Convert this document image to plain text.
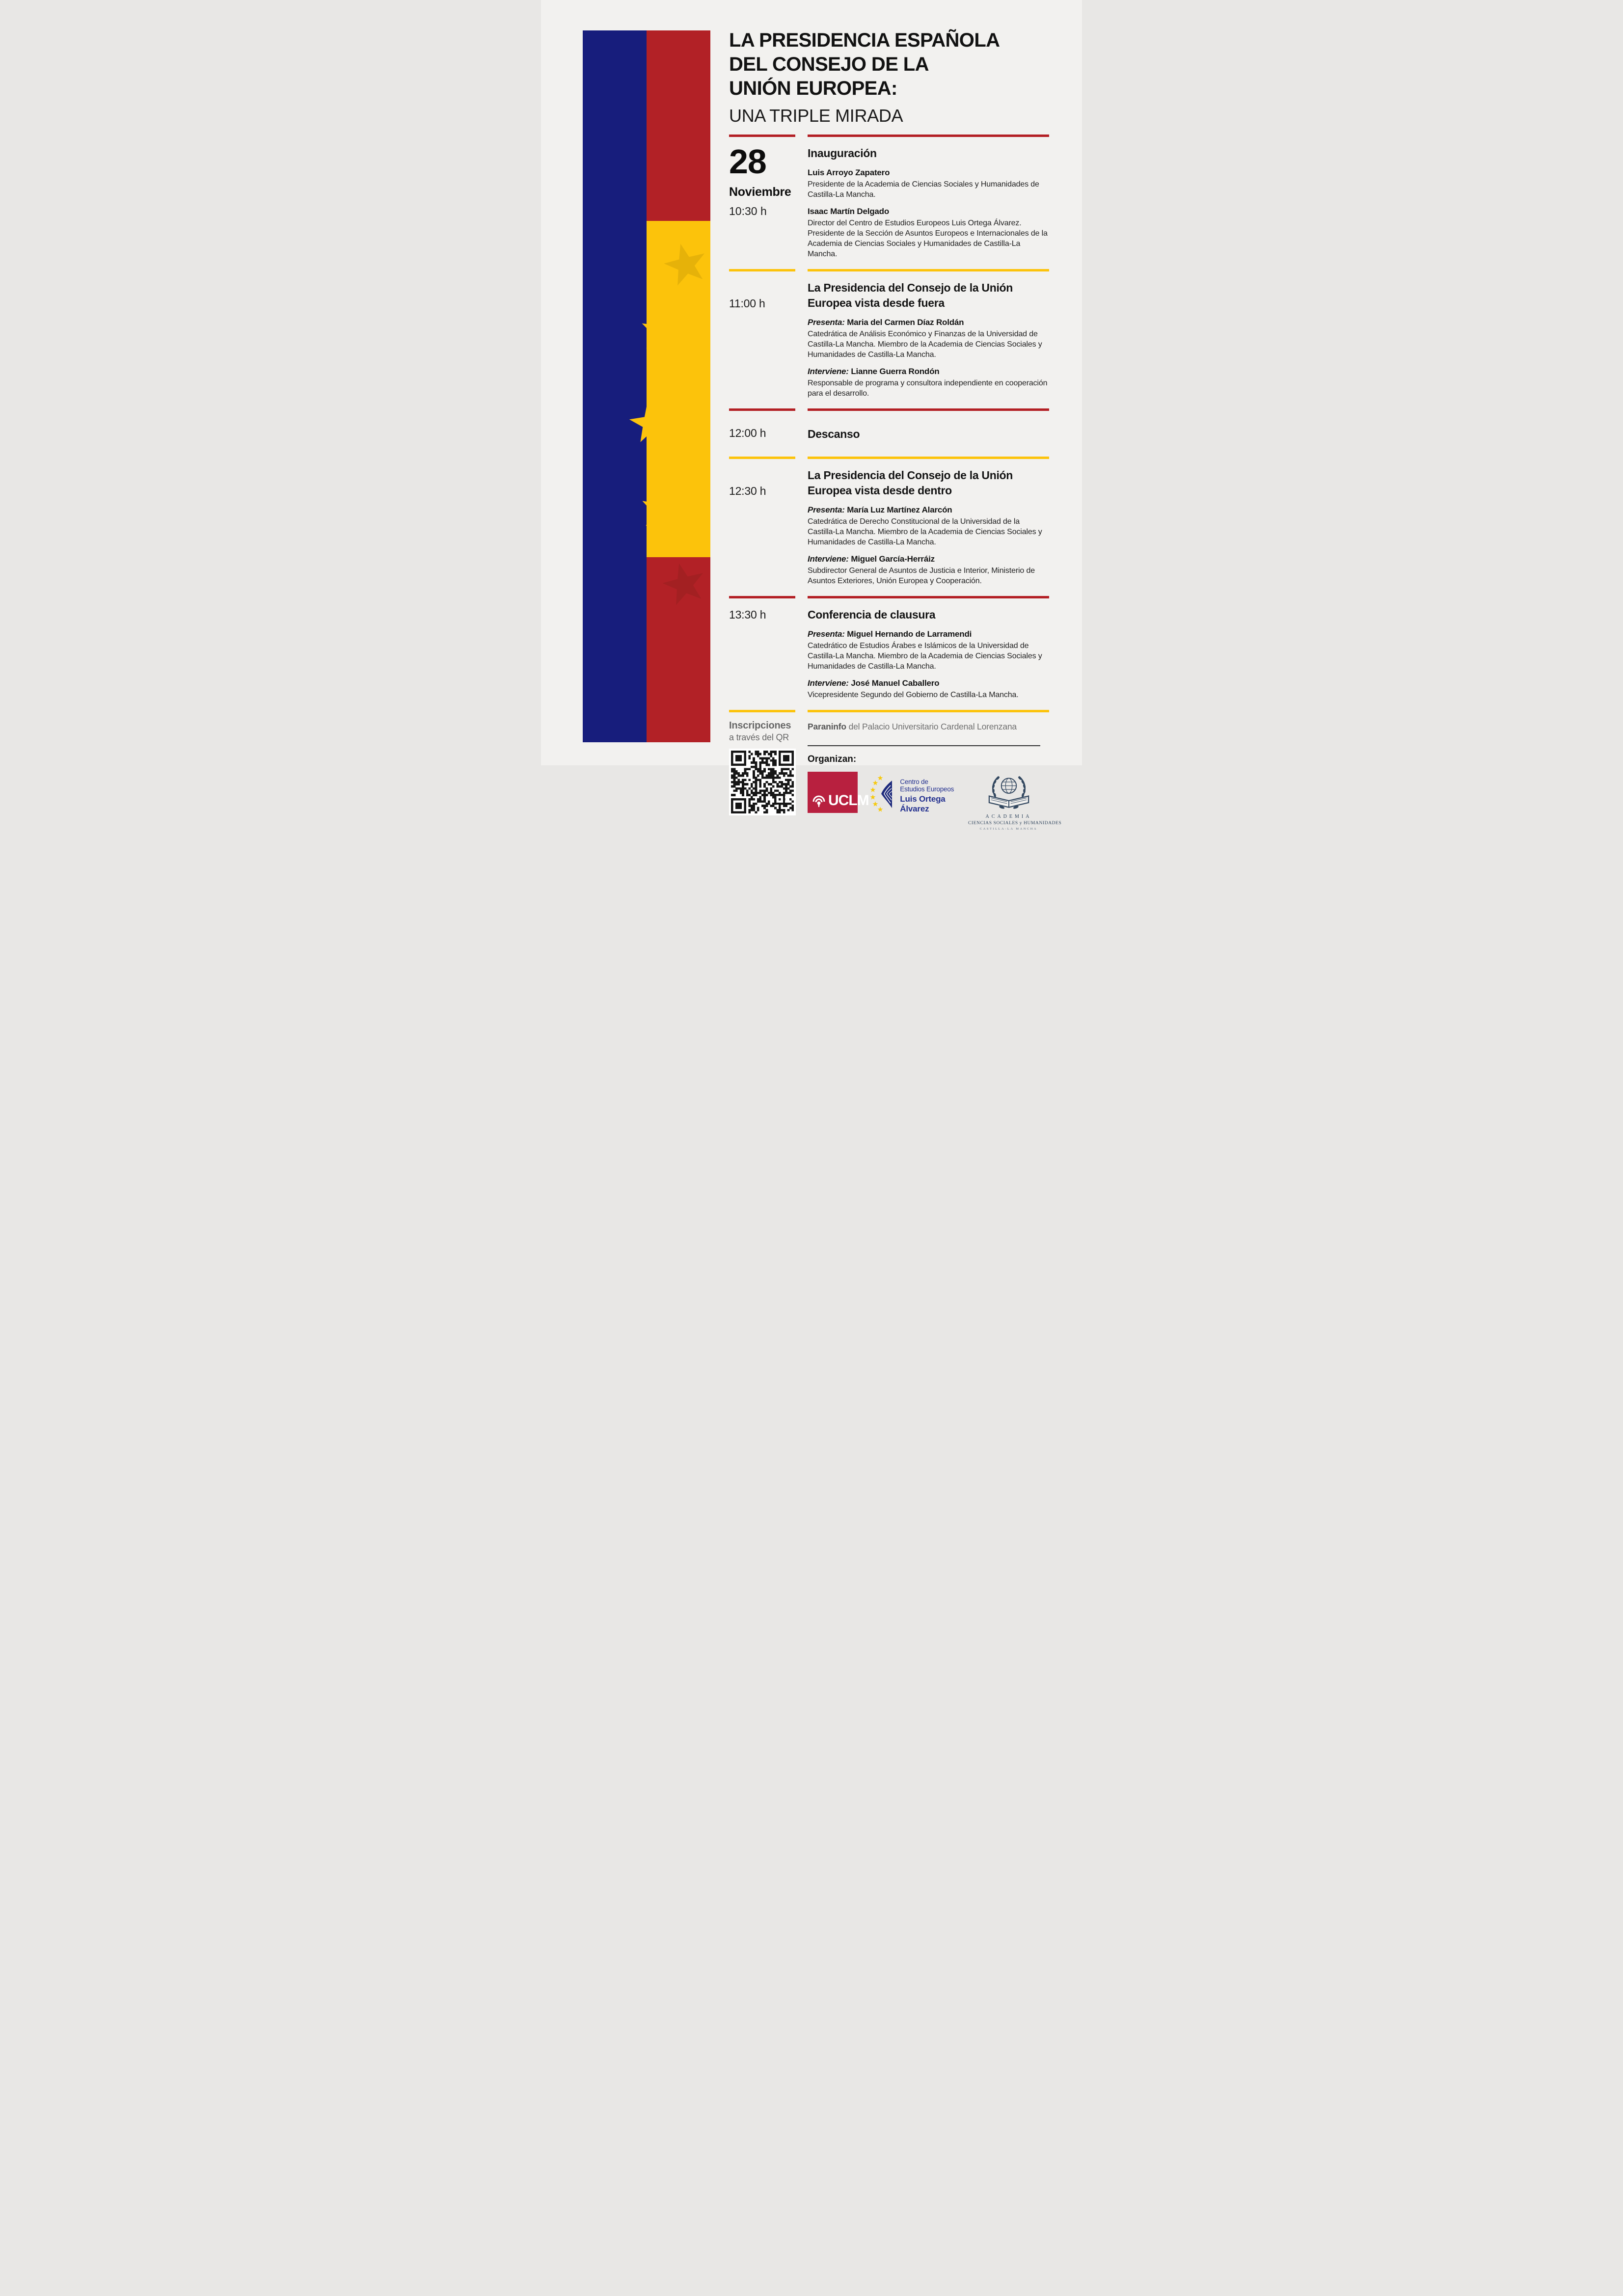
LA PRESIDENCIA ESPAÑOLA
DEL CONSEJO DE LA
UNIÓN EUROPEA:
UNA TRIPLE MIRADA
28
Noviembre
10:30 h
Inauguración
Luis Arroyo Zapatero
Presidente de la Academia de Ciencias Sociales y Humanidades de Castilla-La Mancha.
Isaac Martín Delgado
Director del Centro de Estudios Europeos Luis Ortega Álvarez. Presidente de la Sección de Asuntos Europeos e Internacionales de la Academia de Ciencias Sociales y Humanidades de Castilla-La Mancha.
11:00 h
La Presidencia del Consejo de la Unión
Europea vista desde fuera
Presenta: Maria del Carmen Díaz Roldán
Catedrática de Análisis Económico y Finanzas de la Universidad de Castilla-La Mancha. Miembro de la Academia de Ciencias Sociales y Humanidades de Castilla-La Mancha.
Interviene: Lianne Guerra Rondón
Responsable de programa y consultora independiente en cooperación para el desarrollo.
12:00 h	Descanso
12:30 h
La Presidencia del Consejo de la Unión
Europea vista desde dentro
Presenta: María Luz Martínez Alarcón
Catedrática de Derecho Constitucional de la Universidad de la Castilla-La Mancha. Miembro de la Academia de Ciencias Sociales y Humanidades de Castilla-La Mancha.
Interviene: Miguel García-Herráiz
Subdirector General de Asuntos de Justicia e Interior, Ministerio de Asuntos Exteriores, Unión Europea y Cooperación.
13:30 h	Conferencia de clausura
Presenta: Miguel Hernando de Larramendi
Catedrático de Estudios Árabes e Islámicos de la Universidad de Castilla-La Mancha. Miembro de la Academia de Ciencias Sociales y Humanidades de Castilla-La Mancha.
Interviene: José Manuel Caballero
Vicepresidente Segundo del Gobierno de Castilla-La Mancha.
Inscripciones
a través del QR
Paraninfo del Palacio Universitario Cardenal Lorenzana
Organizan:
UCLM
Centro de Estudios Europeos
Luis Ortega Álvarez
ACADEMIA
CIENCIAS SOCIALES y HUMANIDADES
CASTILLA-LA MANCHA
